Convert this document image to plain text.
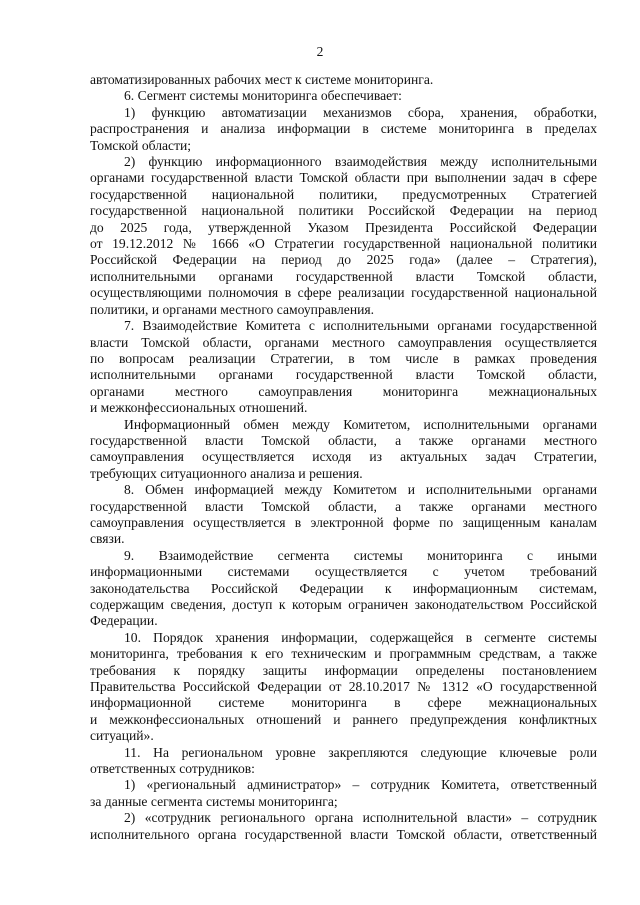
2
автоматизированных рабочих мест к системе мониторинга.
6. Сегмент системы мониторинга обеспечивает:
1) функцию автоматизации механизмов сбора, хранения, обработки,
распространения и анализа информации в системе мониторинга в пределах
Томской области;
2) функцию информационного взаимодействия между исполнительными
органами государственной власти Томской области при выполнении задач в сфере
государственной национальной политики, предусмотренных Стратегией
государственной национальной политики Российской Федерации на период
до 2025 года, утвержденной Указом Президента Российской Федерации
от 19.12.2012 № 1666 «О Стратегии государственной национальной политики
Российской Федерации на период до 2025 года» (далее – Стратегия),
исполнительными органами государственной власти Томской области,
осуществляющими полномочия в сфере реализации государственной национальной
политики, и органами местного самоуправления.
7. Взаимодействие Комитета с исполнительными органами государственной
власти Томской области, органами местного самоуправления осуществляется
по вопросам реализации Стратегии, в том числе в рамках проведения
исполнительными органами государственной власти Томской области,
органами местного самоуправления мониторинга межнациональных
и межконфессиональных отношений.
Информационный обмен между Комитетом, исполнительными органами
государственной власти Томской области, а также органами местного
самоуправления осуществляется исходя из актуальных задач Стратегии,
требующих ситуационного анализа и решения.
8. Обмен информацией между Комитетом и исполнительными органами
государственной власти Томской области, а также органами местного
самоуправления осуществляется в электронной форме по защищенным каналам
связи.
9. Взаимодействие сегмента системы мониторинга с иными
информационными системами осуществляется с учетом требований
законодательства Российской Федерации к информационным системам,
содержащим сведения, доступ к которым ограничен законодательством Российской
Федерации.
10. Порядок хранения информации, содержащейся в сегменте системы
мониторинга, требования к его техническим и программным средствам, а также
требования к порядку защиты информации определены постановлением
Правительства Российской Федерации от 28.10.2017 № 1312 «О государственной
информационной системе мониторинга в сфере межнациональных
и межконфессиональных отношений и раннего предупреждения конфликтных
ситуаций».
11. На региональном уровне закрепляются следующие ключевые роли
ответственных сотрудников:
1) «региональный администратор» – сотрудник Комитета, ответственный
за данные сегмента системы мониторинга;
2) «сотрудник регионального органа исполнительной власти» – сотрудник
исполнительного органа государственной власти Томской области, ответственный
